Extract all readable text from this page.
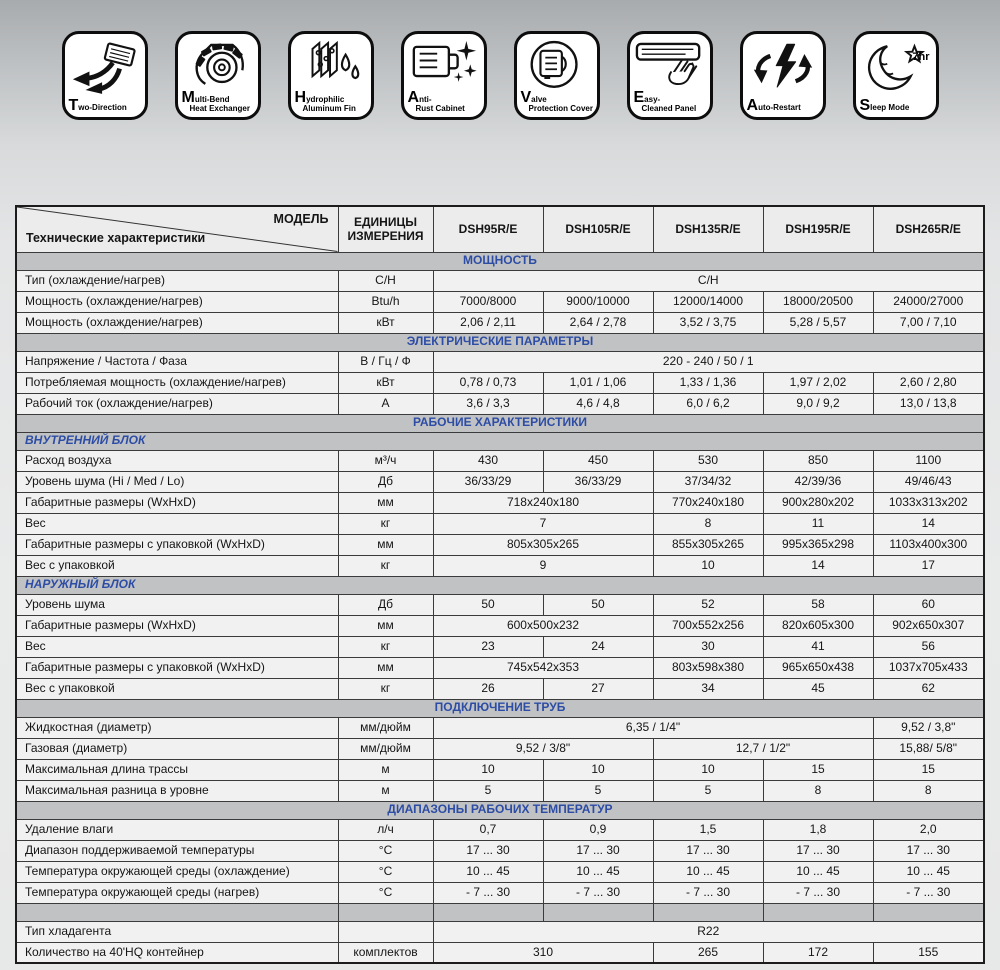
Two-Direction
Multi-Bend
Heat Exchanger
Hydrophilic
Aluminum Fin
Anti-
Rust Cabinet
Valve
Protection Cover
Easy-
Cleaned Panel	Auto-Restart
7hr
Sleep Mode
МОДЕЛЬ
Технические характеристики	ЕДИНИЦЫ ИЗМЕРЕНИЯ	DSH95R/E	DSH105R/E	DSH135R/E	DSH195R/E	DSH265R/E
МОЩНОСТЬ						
Тип (охлаждение/нагрев)	С/Н	С/Н				
Мощность (охлаждение/нагрев)	Btu/h	7000/8000	9000/10000	12000/14000	18000/20500	24000/27000
Мощность (охлаждение/нагрев)	кВт	2,06 / 2,11	2,64 / 2,78	3,52 / 3,75	5,28 / 5,57	7,00 / 7,10
ЭЛЕКТРИЧЕСКИЕ ПАРАМЕТРЫ						
Напряжение / Частота / Фаза	В / Гц / Ф	220 - 240 / 50 / 1				
Потребляемая мощность (охлаждение/нагрев)	кВт	0,78 / 0,73	1,01 / 1,06	1,33 / 1,36	1,97 / 2,02	2,60 / 2,80
Рабочий ток (охлаждение/нагрев)	А	3,6 / 3,3	4,6 / 4,8	6,0 / 6,2	9,0 / 9,2	13,0 / 13,8
РАБОЧИЕ ХАРАКТЕРИСТИКИ						
ВНУТРЕННИЙ БЛОК						
Расход воздуха	м³/ч	430	450	530	850	1100
Уровень шума (Hi / Med / Lo)	Дб	36/33/29	36/33/29	37/34/32	42/39/36	49/46/43
Габаритные размеры (WxHxD)	мм	718x240x180		770x240x180	900x280x202	1033x313x202
Вес	кг	7		8	11	14
Габаритные размеры с упаковкой (WxHxD)	мм	805x305x265		855x305x265	995x365x298	1103x400x300
Вес с упаковкой	кг	9		10	14	17
НАРУЖНЫЙ БЛОК						
Уровень шума	Дб	50	50	52	58	60
Габаритные размеры (WxHxD)	мм	600x500x232		700x552x256	820x605x300	902x650x307
Вес	кг	23	24	30	41	56
Габаритные размеры с упаковкой (WxHxD)	мм	745x542x353		803x598x380	965x650x438	1037x705x433
Вес с упаковкой	кг	26	27	34	45	62
ПОДКЛЮЧЕНИЕ ТРУБ						
Жидкостная (диаметр)	мм/дюйм	6,35 / 1/4"				9,52 / 3,8"
Газовая (диаметр)	мм/дюйм	9,52 / 3/8"		12,7 / 1/2"		15,88/ 5/8"
Максимальная длина трассы	м	10	10	10	15	15
Максимальная разница в уровне	м	5	5	5	8	8
ДИАПАЗОНЫ РАБОЧИХ ТЕМПЕРАТУР						
Удаление влаги	л/ч	0,7	0,9	1,5	1,8	2,0
Диапазон поддерживаемой температуры	°С	17 ... 30	17 ... 30	17 ... 30	17 ... 30	17 ... 30
Температура окружающей среды (охлаждение)	°С	10 ... 45	10 ... 45	10 ... 45	10 ... 45	10 ... 45
Температура окружающей среды (нагрев)	°С	- 7 ... 30	- 7 ... 30	- 7 ... 30	- 7 ... 30	- 7 ... 30

Тип хладагента		R22				
Количество на 40'HQ контейнер	комплектов	310		265	172	155
